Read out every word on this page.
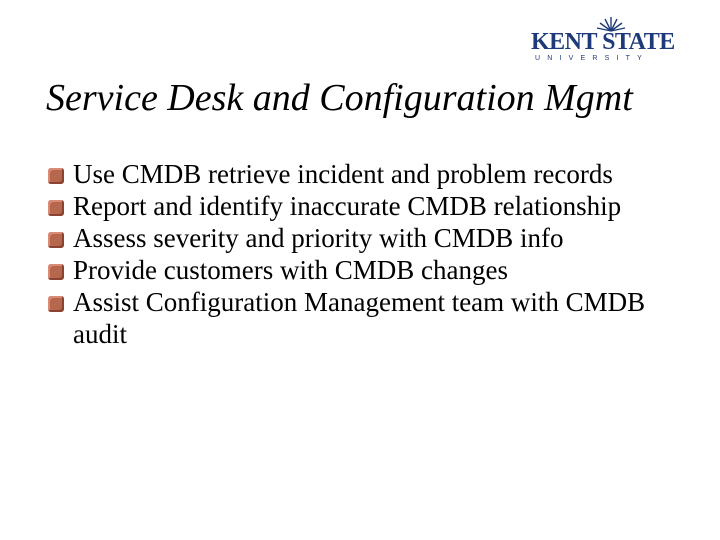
KENT STATE
UNIVERSITY
Service Desk and Configuration Mgmt
Use CMDB retrieve incident and problem records
Report and identify inaccurate CMDB relationship
Assess severity and priority with CMDB info
Provide customers with CMDB changes
Assist Configuration Management team with CMDB audit
